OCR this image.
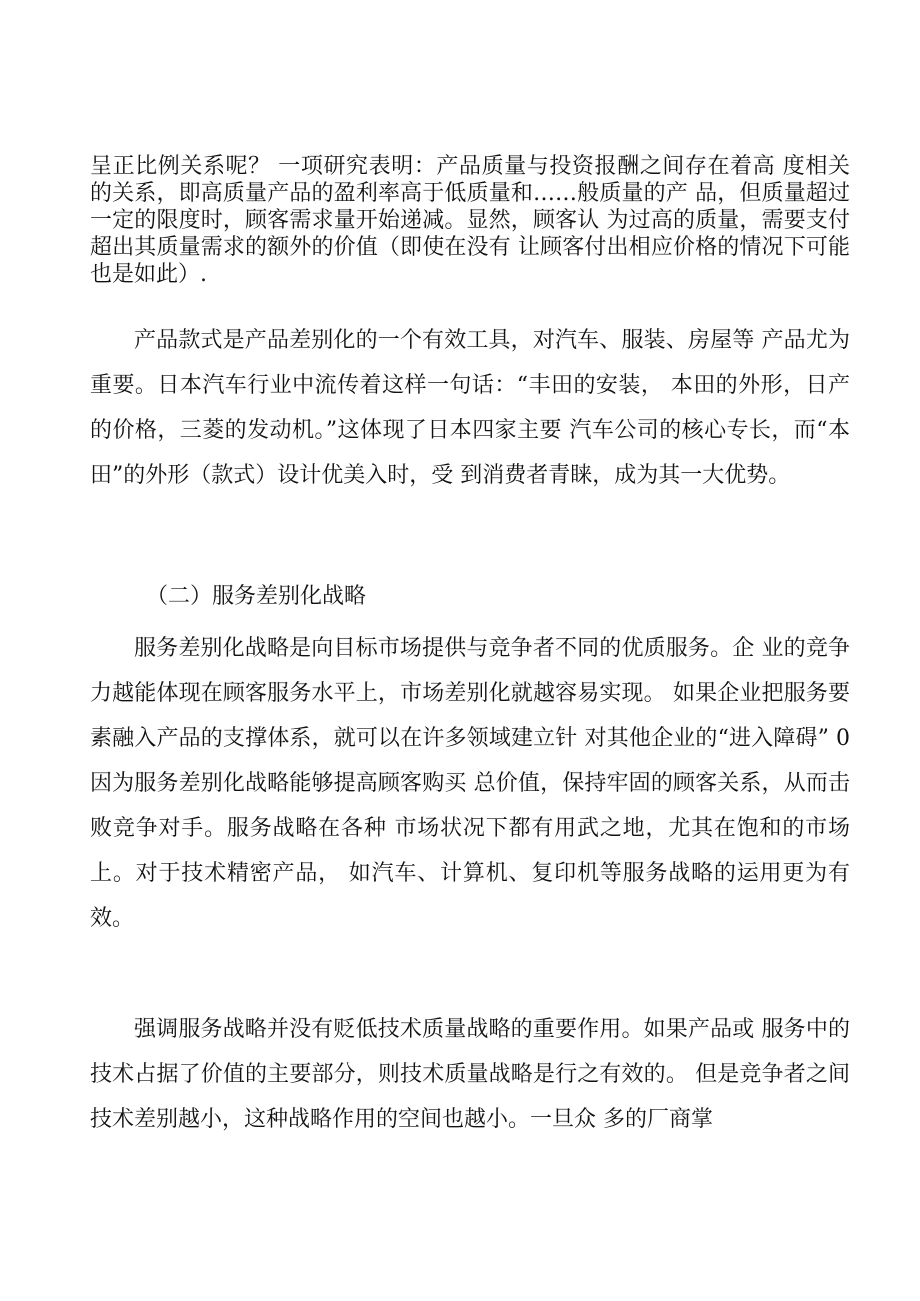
呈正比例关系呢？ 一项研究表明：产品质量与投资报酬之间存在着高 度相关的关系，即高质量产品的盈利率高于低质量和……般质量的产 品，但质量超过一定的限度时，顾客需求量开始递减。显然，顾客认 为过高的质量，需要支付超出其质量需求的额外的价值（即使在没有 让顾客付出相应价格的情况下可能也是如此）.

产品款式是产品差别化的一个有效工具，对汽车、服装、房屋等 产品尤为重要。日本汽车行业中流传着这样一句话：“丰田的安装， 本田的外形，日产的价格，三菱的发动机。”这体现了日本四家主要 汽车公司的核心专长，而“本田”的外形（款式）设计优美入时，受 到消费者青睐，成为其一大优势。

（二）服务差别化战略

服务差别化战略是向目标市场提供与竞争者不同的优质服务。企 业的竞争力越能体现在顾客服务水平上，市场差别化就越容易实现。 如果企业把服务要素融入产品的支撑体系，就可以在许多领域建立针 对其他企业的“进入障碍” 0因为服务差别化战略能够提高顾客购买 总价值，保持牢固的顾客关系，从而击败竞争对手。服务战略在各种 市场状况下都有用武之地，尤其在饱和的市场上。对于技术精密产品， 如汽车、计算机、复印机等服务战略的运用更为有效。

强调服务战略并没有贬低技术质量战略的重要作用。如果产品或 服务中的技术占据了价值的主要部分，则技术质量战略是行之有效的。 但是竞争者之间技术差别越小，这种战略作用的空间也越小。一旦众 多的厂商掌
